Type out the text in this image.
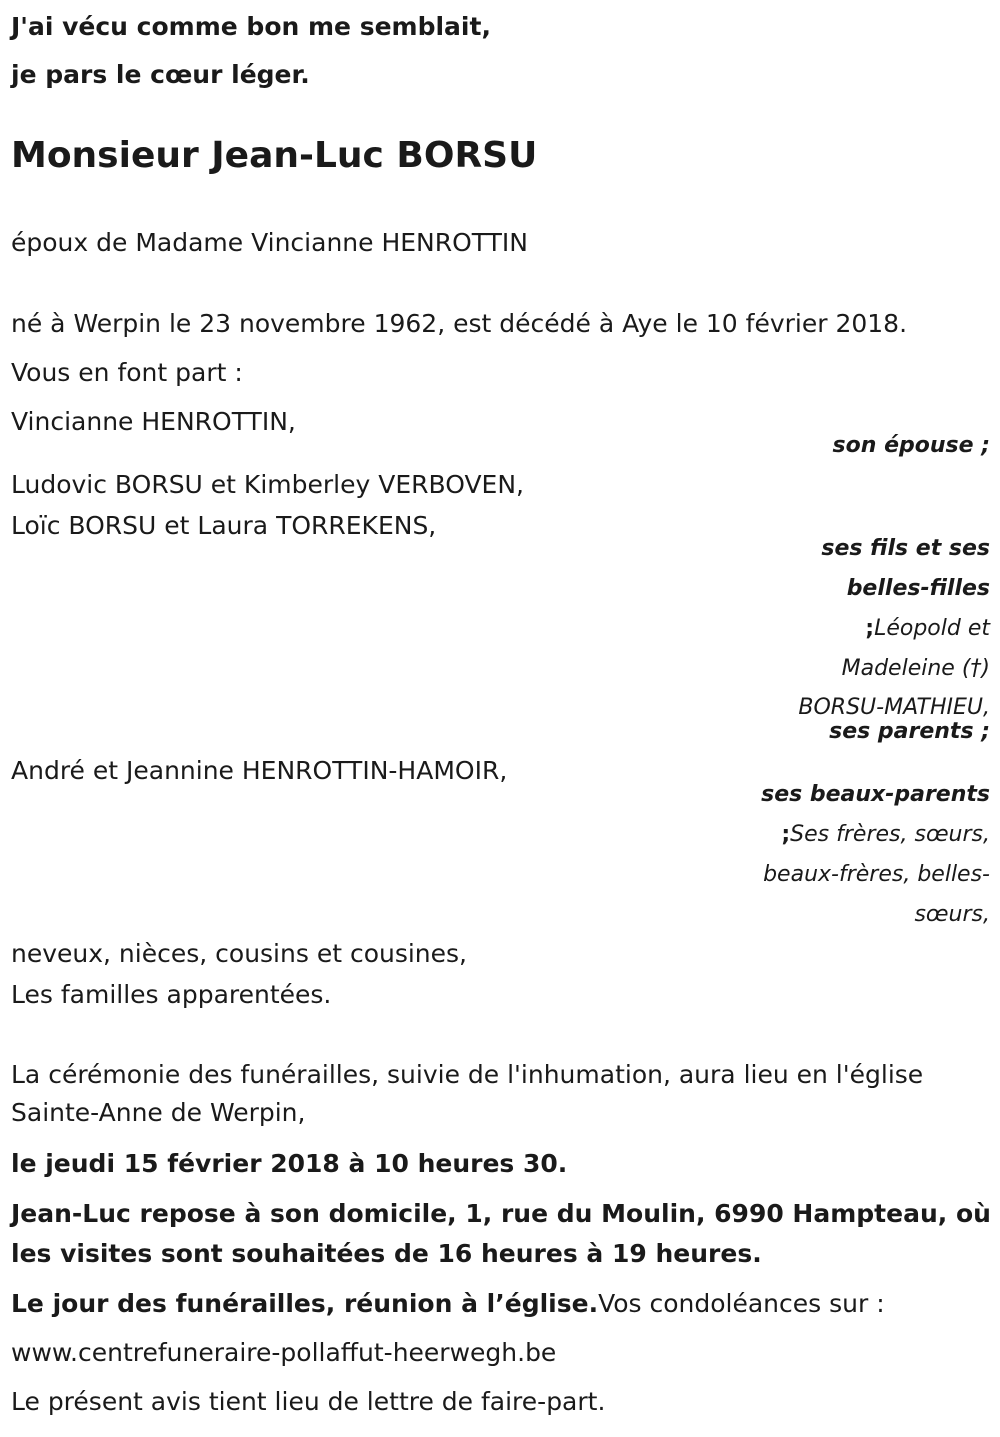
J'ai vécu comme bon me semblait,

je pars le cœur léger.

Monsieur Jean-Luc BORSU

époux de Madame Vincianne HENROTTIN

né à Werpin le 23 novembre 1962, est décédé à Aye le 10 février 2018.

Vous en font part :

Vincianne HENROTTIN,

son épouse ;

Ludovic BORSU et Kimberley VERBOVEN,

Loïc BORSU et Laura TORREKENS,

ses fils et ses
belles-filles
;Léopold et
Madeleine (†)
BORSU-MATHIEU,
ses parents ;

André et Jeannine HENROTTIN-HAMOIR,

ses beaux-parents
;Ses frères, sœurs,
beaux-frères, belles-
sœurs,

neveux, nièces, cousins et cousines,

Les familles apparentées.

La cérémonie des funérailles, suivie de l'inhumation, aura lieu en l'église

Sainte-Anne de Werpin,

le jeudi 15 février 2018 à 10 heures 30.

Jean-Luc repose à son domicile, 1, rue du Moulin, 6990 Hampteau, où

les visites sont souhaitées de 16 heures à 19 heures.

Le jour des funérailles, réunion à l’église.Vos condoléances sur :

www.centrefuneraire-pollaffut-heerwegh.be

Le présent avis tient lieu de lettre de faire-part.
